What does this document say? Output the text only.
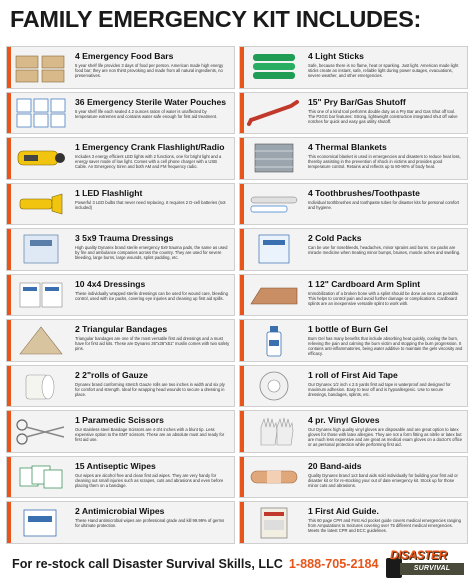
FAMILY EMERGENCY KIT INCLUDES:
4 Emergency Food Bars
5 year shelf life provides 3 days of food per person. American made high energy food bar; they are non thirst provoking and made from all natural ingredients, no preservatives.
4 Light Sticks
Safe, because there is no flame, heat or sparking. Just light. American made light sticks create an instant, safe, reliable light during power outages, evacuations, severe weather, and other emergencies.
36 Emergency Sterile Water Pouches
5 year shelf life each sealed 4.2 ounces ration of water is unaffected by temperature extremes and contains water safe enough for first aid treatment.
15" Pry Bar/Gas Shutoff
This one of a kind tool performs double duty as a Pry Bar and Gas Shut off tool. The P2GG bar features: Strong, lightweight construction integrated shut off valve notches for quick and easy gas utility shutoff.
1 Emergency Crank Flashlight/Radio
Includes 3 energy efficient LED lights with 2 functions, one for bright light and a energy saver mode of low light. Comes with a cell phone charger with a USB Cable. An Emergency Siren and both AM and FM frequency radio.
4 Thermal Blankets
This economical blanket is used in emergencies and disasters to reduce heat loss, thereby assisting in the prevention of shock in victims and provides good temperature control. Retains and reflects up to 80-90% of body heat.
1 LED Flashlight
Powerful 3 LED bulbs that never need replacing. It requires 2 D-cell batteries (not included)
4 Toothbrushes/Toothpaste
Individual toothbrushes and toothpaste tubes for disaster kits for personal comfort and hygiene.
3 5x9 Trauma Dressings
High quality Dynarex brand sterile emergency 5x9 trauma pads, the same as used by fire and ambulance companies across the country. They are used for severe bleeding, large burns, large wounds, splint padding, etc.
2 Cold Packs
Can be use for nosebleeds, headaches, minor sprains and burns. Ice packs are miracle medicine when treating minor bumps, bruises, muscle aches and swelling.
10 4x4 Dressings
These individually wrapped sterile dressings can be used for wound care, bleeding control, used with ice packs, covering eye injuries and cleaning up first aid spills.
1 12" Cardboard Arm Splint
Immobilization of a broken bone with a splint should be done as soon as possible. This helps to control pain and avoid further damage or complications. Cardboard splints are an inexpensive versatile splint to work with.
2 Triangular Bandages
Triangular bandages are one of the most versatile first aid dressings and a must have for first aid kits. These are Dynarex 36"x36"x51" muslin comes with two safety pins.
1 bottle of Burn Gel
Burn Gel has many benefits that include absorbing heat quickly, cooling the burn, relieving the pain and calming the burn victim and stopping the burn progression. It contains anti-inflammatories, being water additive to maintain the gels viscosity and efficacy.
2 2"rolls of Gauze
Dynarex brand conforming stretch Gauze rolls are two inches in width and six ply for comfort and strength. Ideal for wrapping head wounds to secure a dressing in place.
1 roll of First Aid Tape
Our Dynarex 1/2 inch x 2.5 yards first aid tape is waterproof and designed for maximum adhesion. Easy to tear off and is hypoallergenic. Use to secure dressings, bandages, splints, etc.
1 Paramedic Scissors
Our stainless steel Bandage Scissors are 4-3/4 inches with a blunt tip. Less expensive option to the EMT scissors. These are an absolute must and ready for first aid use.
4 pr. Vinyl Gloves
Our Dynarex high quality vinyl gloves are disposable and are great option to latex gloves for those with latex allergies. They are not a form fitting as nitrile or latex but are much less expensive and are great as medical exam gloves on a doctor's office or as personal protection while performing first aid.
15 Antiseptic Wipes
Our wipes are alcohol free and clean first aid wipes. They are very handy for cleaning out small injuries such as scrapes, cuts and abrasions and even before placing them on a bandage.
20 Band-aids
Quality Dynarex brand 1x3 band aids sold individually for building your first aid or disaster kit or for re-stocking your out of date emergency kit. Stock up for those minor cuts and abrasions.
2 Antimicrobial Wipes
These Hand antimicrobial wipes are professional grade and kill 99.99% of germs for ultimate protection.
1 First Aid Guide.
This 60 page CPR and First Aid pocket guide covers medical emergencies ranging from Amputations to Seizures covering over 75 different medical emergencies. Meets the latest CPR and ECC guidelines.
For re-stock call Disaster Survival Skills, LLC 1-888-705-2184
DISASTER
SURVIVAL SKILLS
